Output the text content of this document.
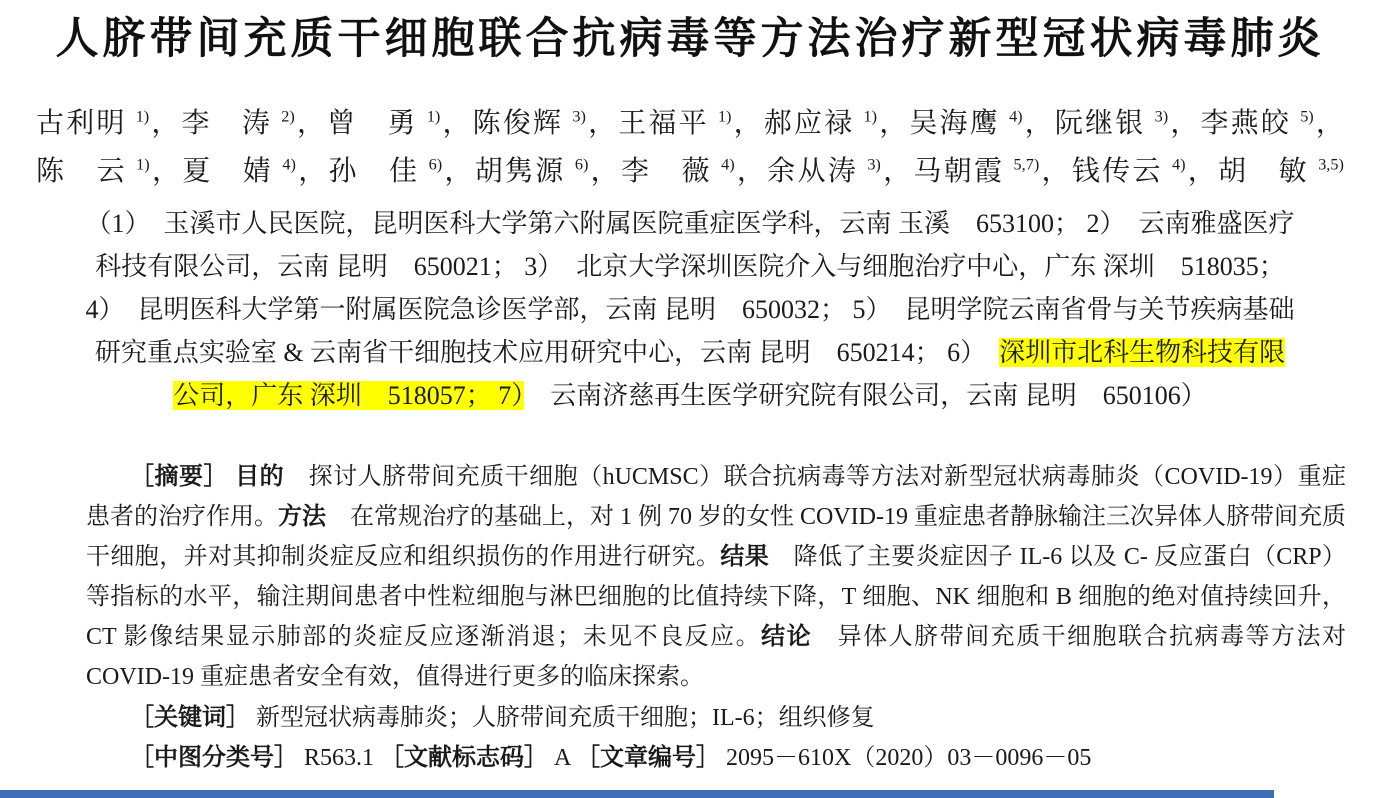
人脐带间充质干细胞联合抗病毒等方法治疗新型冠状病毒肺炎
古利明 $^{1)}$，李　涛 $^{2)}$，曾　勇 $^{1)}$，陈俊辉 $^{3)}$，王福平 $^{1)}$，郝应禄 $^{1)}$，吴海鹰 $^{4)}$，阮继银 $^{3)}$，李燕皎 $^{5)}$，
陈　云 $^{1)}$，夏　婧 $^{4)}$，孙　佳 $^{6)}$，胡隽源 $^{6)}$，李　薇 $^{4)}$，余从涛 $^{3)}$，马朝霞 $^{5,7)}$，钱传云 $^{4)}$，胡　敏 $^{3,5)}$
（1）　玉溪市人民医院，昆明医科大学第六附属医院重症医学科，云南 玉溪　653100； 2）　云南雅盛医疗
科技有限公司，云南 昆明　650021； 3）　北京大学深圳医院介入与细胞治疗中心，广东 深圳　518035；
4）　昆明医科大学第一附属医院急诊医学部，云南 昆明　650032； 5）　昆明学院云南省骨与关节疾病基础
研究重点实验室 & 云南省干细胞技术应用研究中心，云南 昆明　650214； 6）　深圳市北科生物科技有限
公司，广东 深圳　518057； 7）　云南济慈再生医学研究院有限公司，云南 昆明　650106）

［摘要］ 目的　探讨人脐带间充质干细胞（hUCMSC）联合抗病毒等方法对新型冠状病毒肺炎（COVID-19）重症患者的治疗作用。方法　在常规治疗的基础上，对 1 例 70 岁的女性 COVID-19 重症患者静脉输注三次异体人脐带间充质干细胞，并对其抑制炎症反应和组织损伤的作用进行研究。结果　降低了主要炎症因子 IL-6 以及 C- 反应蛋白（CRP）等指标的水平，输注期间患者中性粒细胞与淋巴细胞的比值持续下降，T 细胞、NK 细胞和 B 细胞的绝对值持续回升，CT 影像结果显示肺部的炎症反应逐渐消退；未见不良反应。结论　异体人脐带间充质干细胞联合抗病毒等方法对 COVID-19 重症患者安全有效，值得进行更多的临床探索。

［关键词］ 新型冠状病毒肺炎；人脐带间充质干细胞；IL-6；组织修复

［中图分类号］ R563.1 ［文献标志码］ A ［文章编号］ 2095－610X（2020）03－0096－05
